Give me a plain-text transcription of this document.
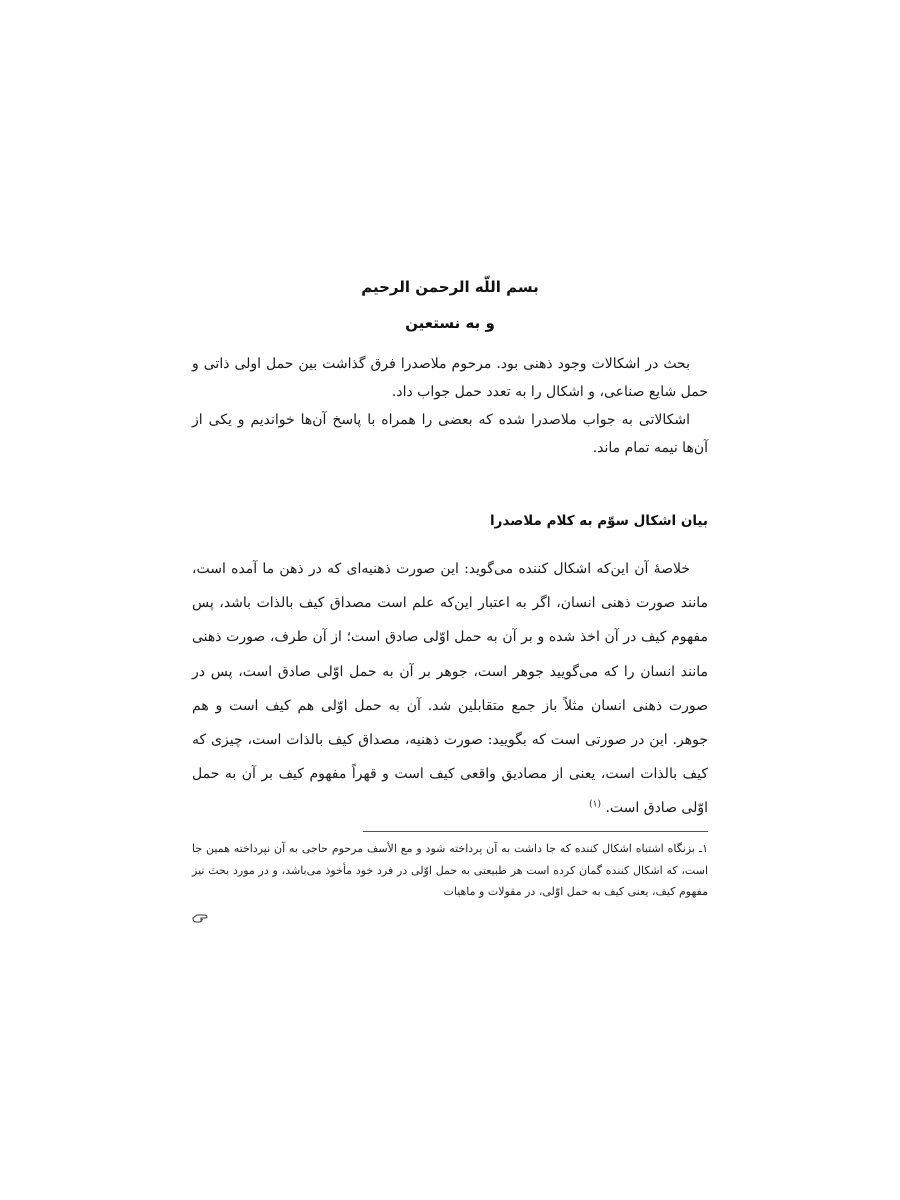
بسم اللّه الرحمن الرحیم
و به نستعین

بحث در اشکالات وجود ذهنی بود. مرحوم ملاصدرا فرق گذاشت بین حمل اولی ذاتی و حمل شایع صناعی، و اشکال را به تعدد حمل جواب داد.

اشکالاتی به جواب ملاصدرا شده که بعضی را همراه با پاسخ آن‌ها خواندیم و یکی از آن‌ها نیمه تمام ماند.

بیان اشکال سوّم به کلام ملاصدرا

خلاصهٔ آن این‌که اشکال کننده می‌گوید: این صورت ذهنیه‌ای که در ذهن ما آمده است، مانند صورت ذهنی انسان، اگر به اعتبار این‌که علم است مصداق کیف بالذات باشد، پس مفهوم کیف در آن اخذ شده و بر آن به حمل اوّلی صادق است؛ از آن طرف، صورت ذهنی مانند انسان را که می‌گویید جوهر است، جوهر بر آن به حمل اوّلی صادق است، پس در صورت ذهنی انسان مثلاً باز جمع متقابلین شد. آن به حمل اوّلی هم کیف است و هم جوهر. این در صورتی است که بگویید: صورت ذهنیه، مصداق کیف بالذات است، چیزی که کیف بالذات است، یعنی از مصادیق واقعی کیف است و قهراً مفهوم کیف بر آن به حمل اوّلی صادق است. $^{(۱)}$

۱ـ بزنگاه اشتباه اشکال کننده که جا داشت به آن پرداخته شود و مع الأسف مرحوم حاجی به آن نپرداخته همین جا است، که اشکال کننده گمان کرده است هر طبیعتی به حمل اوّلی در فرد خود مأخوذ می‌باشد، و در مورد بحث نیز مفهوم کیف، یعنی کیف به حمل اوّلی، در مقولات و ماهیات
